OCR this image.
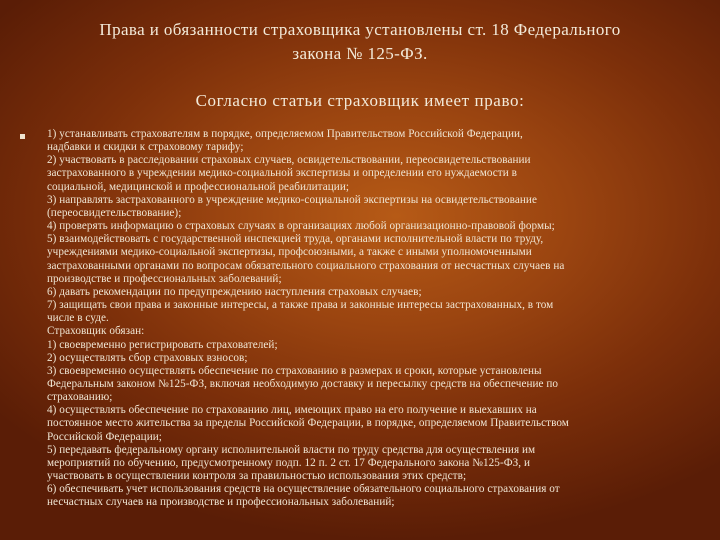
Права и обязанности страховщика установлены ст. 18 Федерального
закона № 125-ФЗ.
Согласно статьи страховщик имеет право:
1) устанавливать страхователям в порядке, определяемом Правительством Российской Федерации,
надбавки и скидки к страховому тарифу;
2) участвовать в расследовании страховых случаев, освидетельствовании, переосвидетельствовании
застрахованного в учреждении медико-социальной экспертизы и определении его нуждаемости в
социальной, медицинской и профессиональной реабилитации;
3) направлять застрахованного в учреждение медико-социальной экспертизы на освидетельствование
(переосвидетельствование);
4) проверять информацию о страховых случаях в организациях любой организационно-правовой формы;
5) взаимодействовать с государственной инспекцией труда, органами исполнительной власти по труду,
учреждениями медико-социальной экспертизы, профсоюзными, а также с иными уполномоченными
застрахованными органами по вопросам обязательного социального страхования от несчастных случаев на
производстве и профессиональных заболеваний;
6) давать рекомендации по предупреждению наступления страховых случаев;
7) защищать свои права и законные интересы, а также права и законные интересы застрахованных, в том
числе в суде.
Страховщик обязан:
1) своевременно регистрировать страхователей;
2) осуществлять сбор страховых взносов;
3) своевременно осуществлять обеспечение по страхованию в размерах и сроки, которые установлены
Федеральным законом №125-ФЗ, включая необходимую доставку и пересылку средств на обеспечение по
страхованию;
4) осуществлять обеспечение по страхованию лиц, имеющих право на его получение и выехавших на
постоянное место жительства за пределы Российской Федерации, в порядке, определяемом Правительством
Российской Федерации;
5) передавать федеральному органу исполнительной власти по труду средства для осуществления им
мероприятий по обучению, предусмотренному подп. 12 п. 2 ст. 17 Федерального закона №125-ФЗ, и
участвовать в осуществлении контроля за правильностью использования этих средств;
6) обеспечивать учет использования средств на осуществление обязательного социального страхования от
несчастных случаев на производстве и профессиональных заболеваний;
